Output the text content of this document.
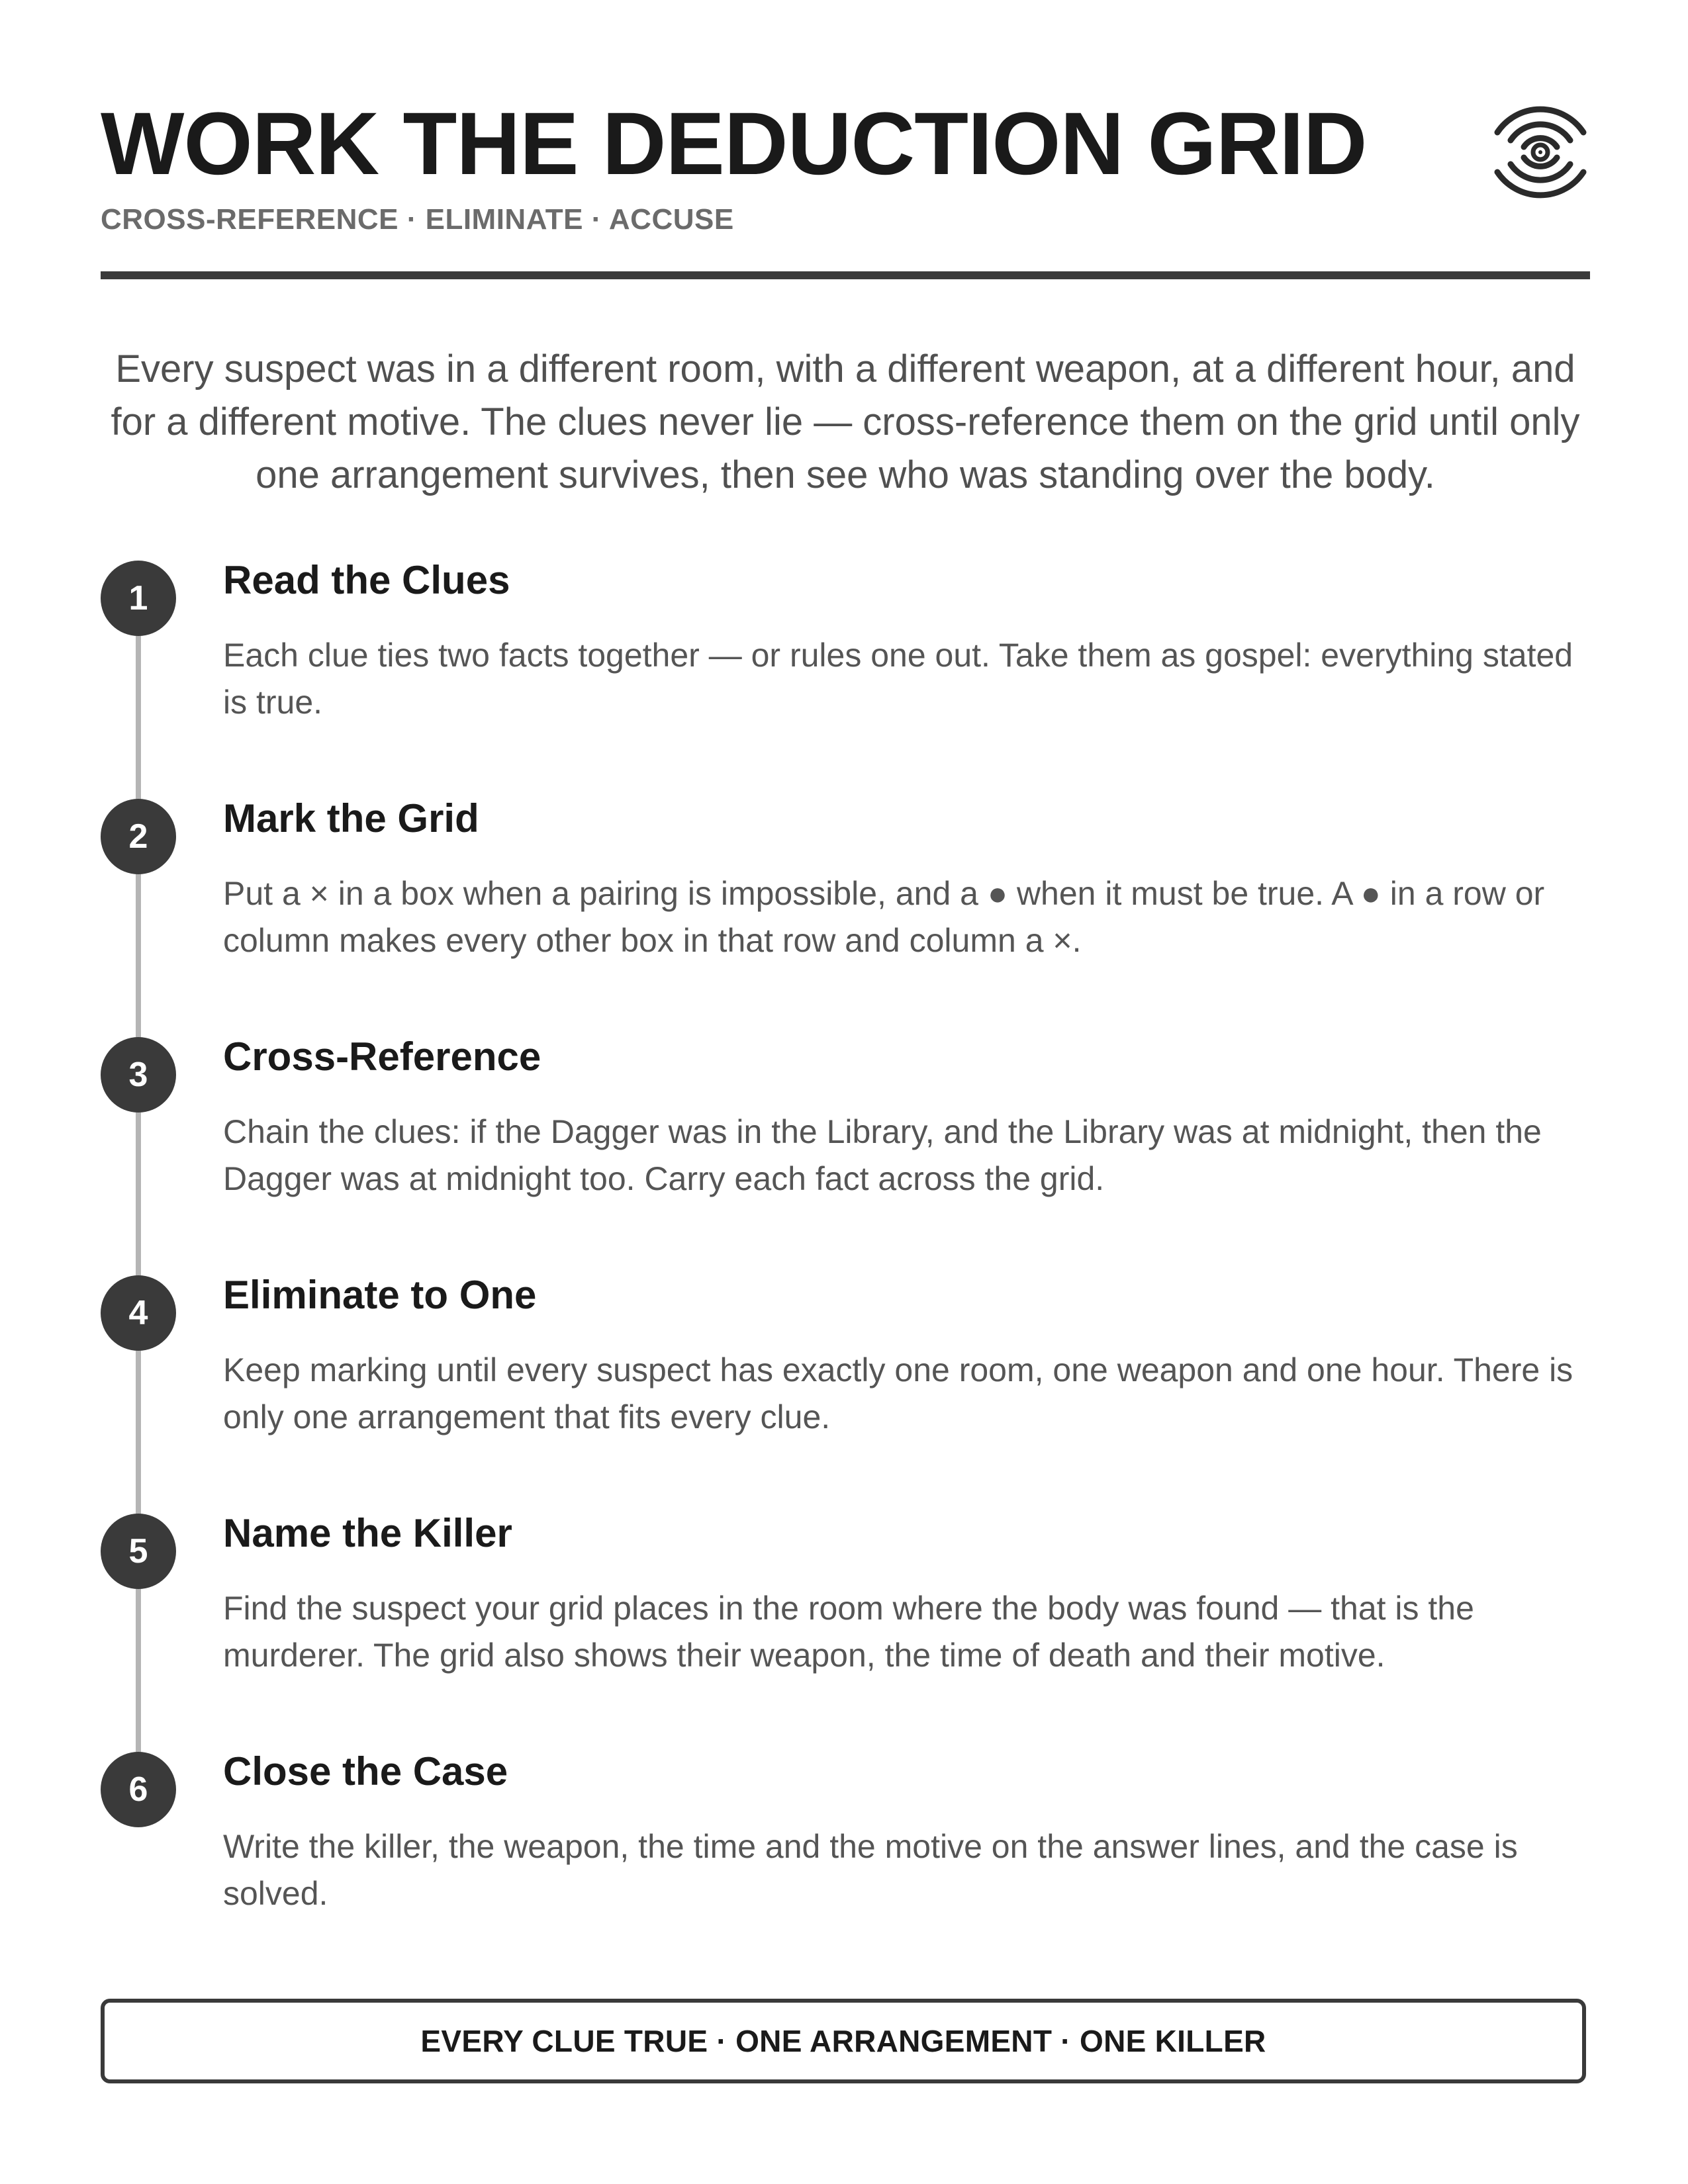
WORK THE DEDUCTION GRID
CROSS-REFERENCE · ELIMINATE · ACCUSE

Every suspect was in a different room, with a different weapon, at a different hour, and for a different motive. The clues never lie — cross-reference them on the grid until only one arrangement survives, then see who was standing over the body.

1	Read the Clues

Each clue ties two facts together — or rules one out. Take them as gospel: everything stated is true.

2	Mark the Grid

Put a × in a box when a pairing is impossible, and a ● when it must be true. A ● in a row or column makes every other box in that row and column a ×.

3	Cross-Reference

Chain the clues: if the Dagger was in the Library, and the Library was at midnight, then the Dagger was at midnight too. Carry each fact across the grid.

4	Eliminate to One

Keep marking until every suspect has exactly one room, one weapon and one hour. There is only one arrangement that fits every clue.

5	Name the Killer

Find the suspect your grid places in the room where the body was found — that is the murderer. The grid also shows their weapon, the time of death and their motive.

6	Close the Case

Write the killer, the weapon, the time and the motive on the answer lines, and the case is solved.

EVERY CLUE TRUE · ONE ARRANGEMENT · ONE KILLER
